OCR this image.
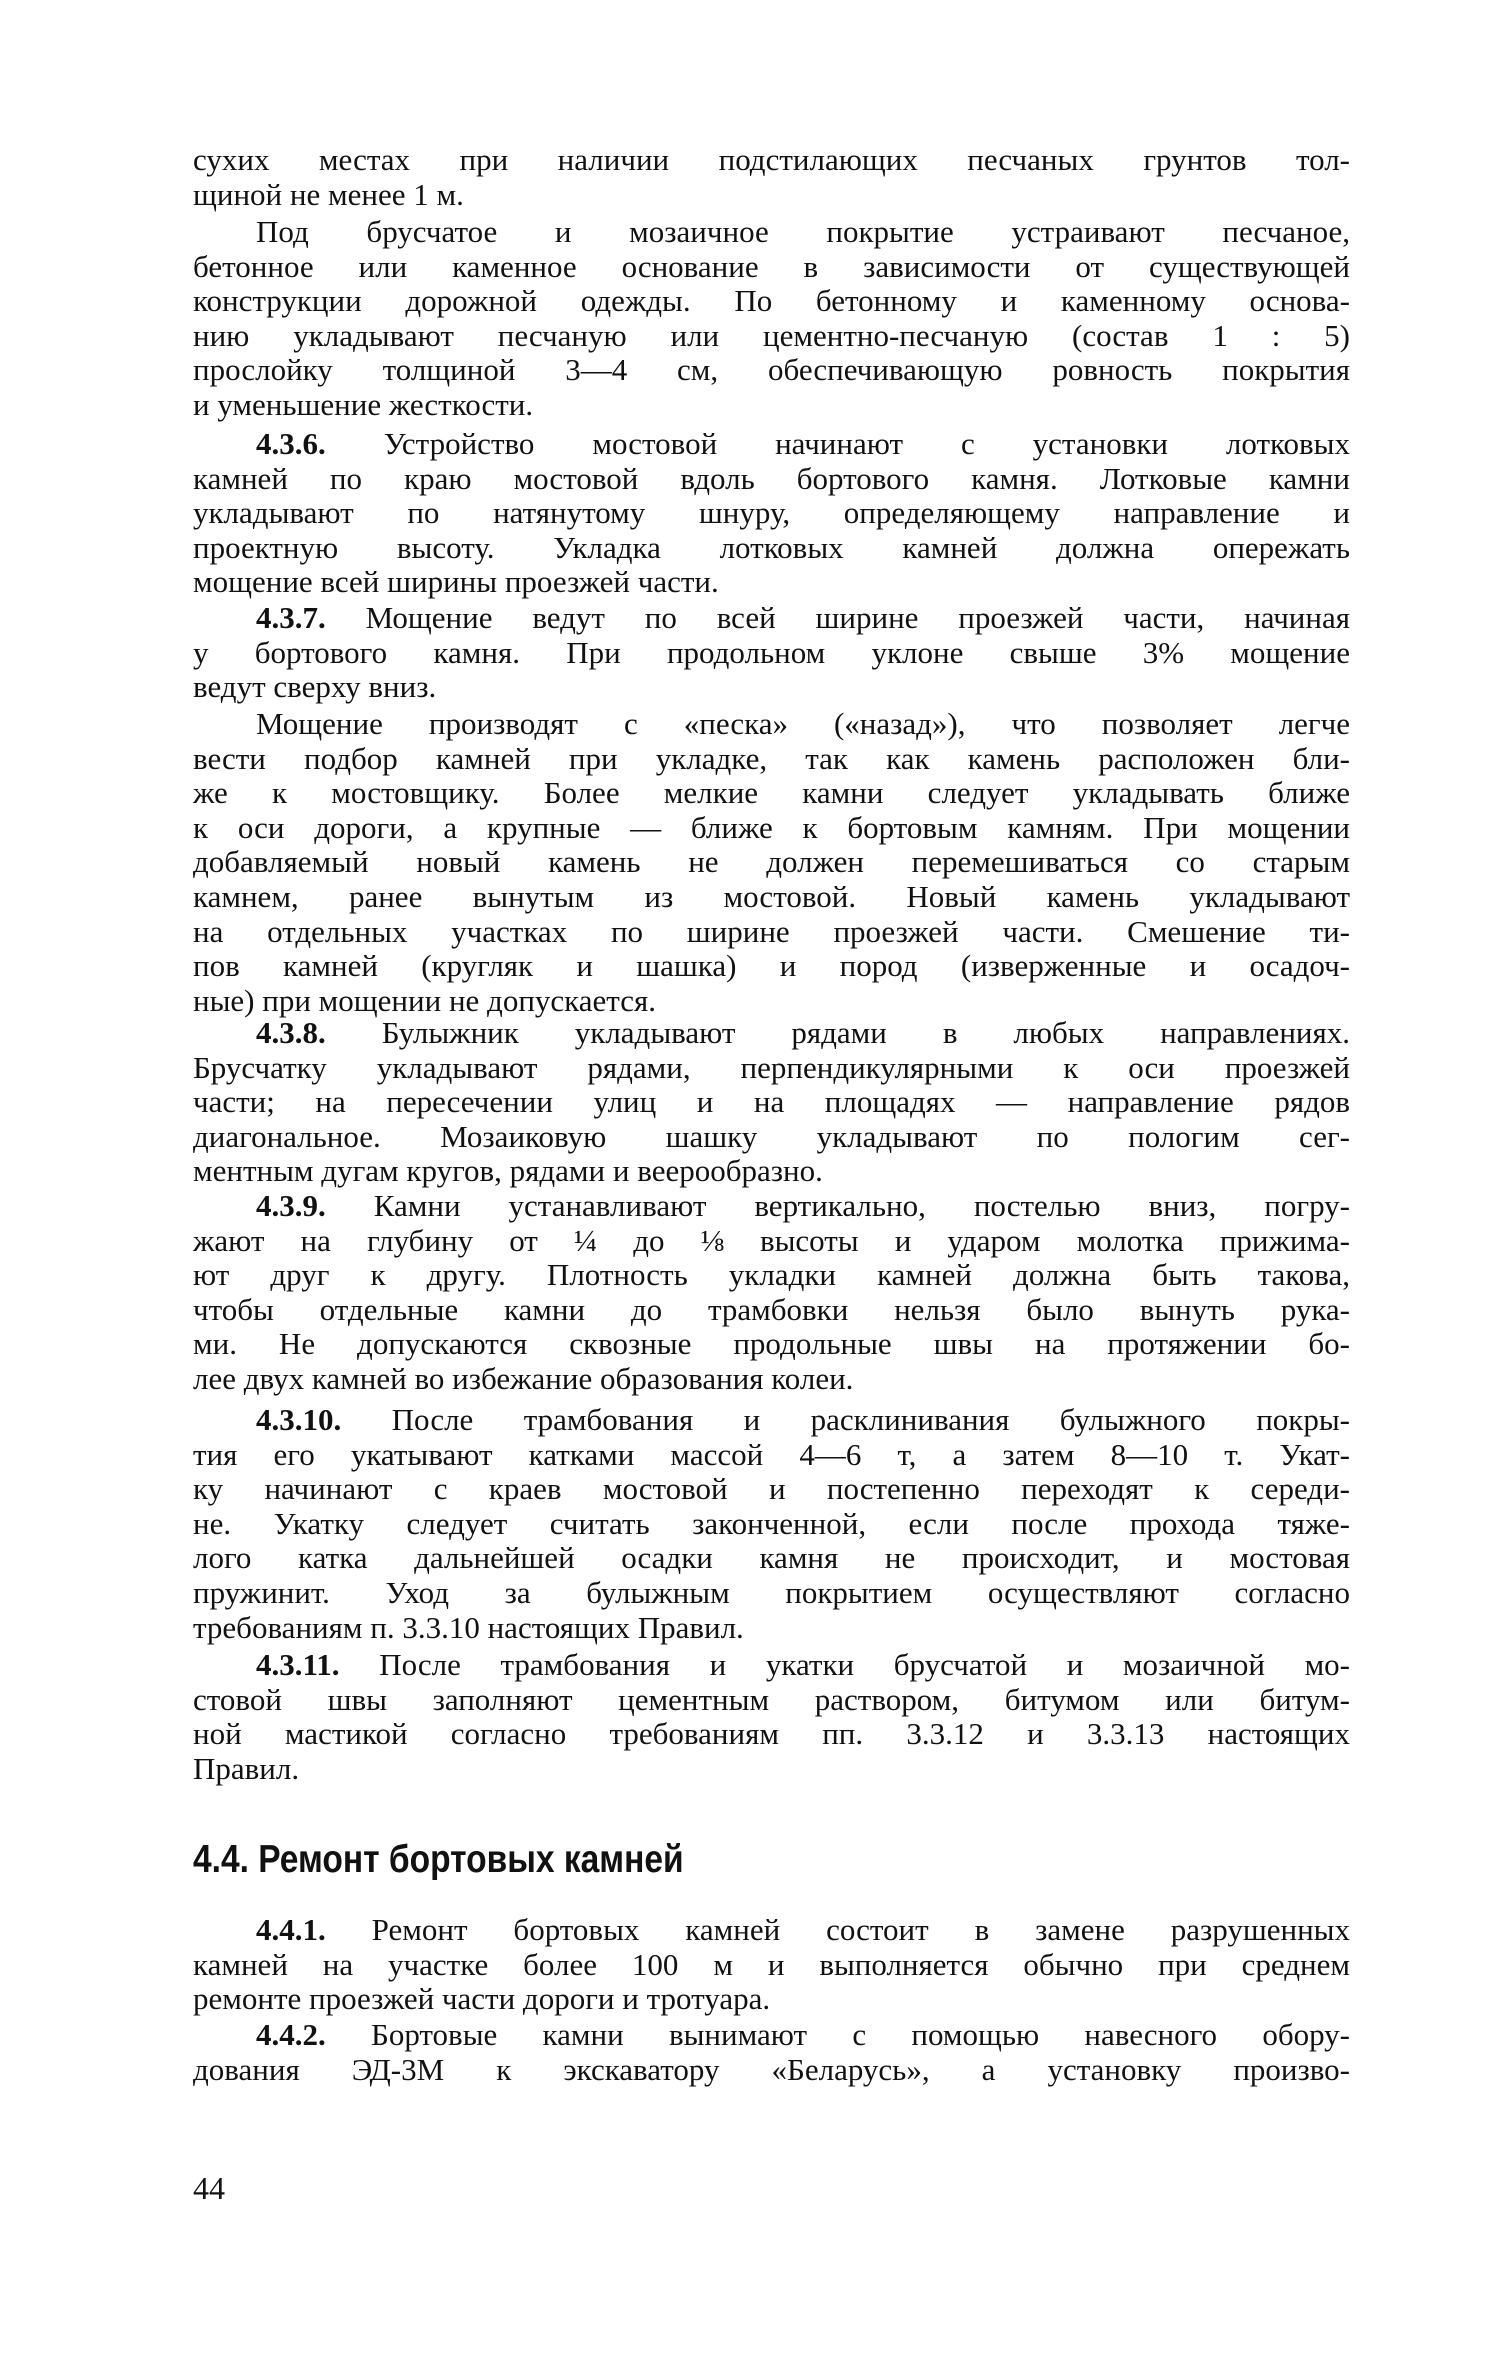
4.4. Ремонт бортовых камней
44
сухих местах при наличии подстилающих песчаных грунтов тол-
щиной не менее 1 м.
Под брусчатое и мозаичное покрытие устраивают песчаное,
бетонное или каменное основание в зависимости от существующей
конструкции дорожной одежды. По бетонному и каменному основа-
нию укладывают песчаную или цементно-песчаную (состав 1 : 5)
прослойку толщиной 3—4 см, обеспечивающую ровность покрытия
и уменьшение жесткости.
4.3.6. Устройство мостовой начинают с установки лотковых
камней по краю мостовой вдоль бортового камня. Лотковые камни
укладывают по натянутому шнуру, определяющему направление и
проектную высоту. Укладка лотковых камней должна опережать
мощение всей ширины проезжей части.
4.3.7. Мощение ведут по всей ширине проезжей части, начиная
у бортового камня. При продольном уклоне свыше 3% мощение
ведут сверху вниз.
Мощение производят с «песка» («назад»), что позволяет легче
вести подбор камней при укладке, так как камень расположен бли-
же к мостовщику. Более мелкие камни следует укладывать ближе
к оси дороги, а крупные — ближе к бортовым камням. При мощении
добавляемый новый камень не должен перемешиваться со старым
камнем, ранее вынутым из мостовой. Новый камень укладывают
на отдельных участках по ширине проезжей части. Смешение ти-
пов камней (кругляк и шашка) и пород (изверженные и осадоч-
ные) при мощении не допускается.
4.3.8. Булыжник укладывают рядами в любых направлениях.
Брусчатку укладывают рядами, перпендикулярными к оси проезжей
части; на пересечении улиц и на площадях — направление рядов
диагональное. Мозаиковую шашку укладывают по пологим сег-
ментным дугам кругов, рядами и веерообразно.
4.3.9. Камни устанавливают вертикально, постелью вниз, погру-
жают на глубину от ¼ до ⅛ высоты и ударом молотка прижима-
ют друг к другу. Плотность укладки камней должна быть такова,
чтобы отдельные камни до трамбовки нельзя было вынуть рука-
ми. Не допускаются сквозные продольные швы на протяжении бо-
лее двух камней во избежание образования колеи.
4.3.10. После трамбования и расклинивания булыжного покры-
тия его укатывают катками массой 4—6 т, а затем 8—10 т. Укат-
ку начинают с краев мостовой и постепенно переходят к середи-
не. Укатку следует считать законченной, если после прохода тяже-
лого катка дальнейшей осадки камня не происходит, и мостовая
пружинит. Уход за булыжным покрытием осуществляют согласно
требованиям п. 3.3.10 настоящих Правил.
4.3.11. После трамбования и укатки брусчатой и мозаичной мо-
стовой швы заполняют цементным раствором, битумом или битум-
ной мастикой согласно требованиям пп. 3.3.12 и 3.3.13 настоящих
Правил.
4.4.1. Ремонт бортовых камней состоит в замене разрушенных
камней на участке более 100 м и выполняется обычно при среднем
ремонте проезжей части дороги и тротуара.
4.4.2. Бортовые камни вынимают с помощью навесного обору-
дования ЭД-3М к экскаватору «Беларусь», а установку произво-
